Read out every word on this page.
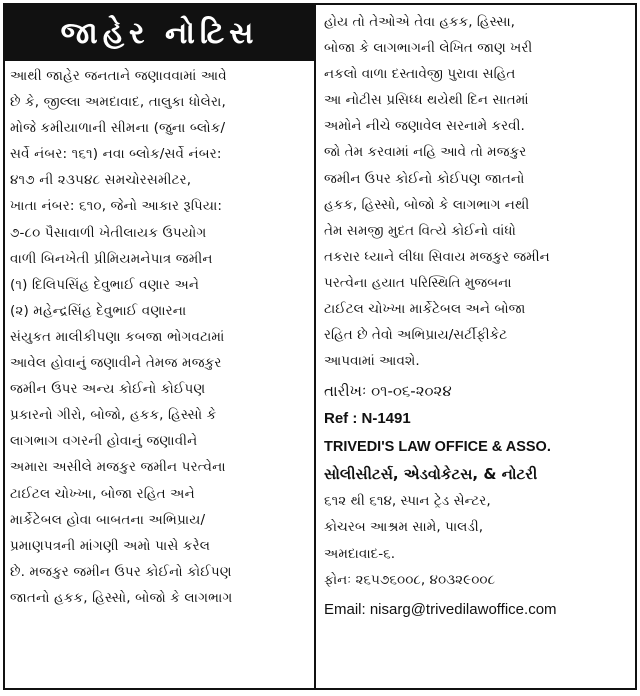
જાહેર નોટિસ
આથી જાહેર જનતાને જણાવવામાં આવે
છે કે, જીલ્લા અમદાવાદ, તાલુકા ધોલેરા,
મોજે કમીયાળાની સીમના (જુના બ્લોક/
સર્વે નંબર: ૧૬૧) નવા બ્લોક/સર્વે નંબર:
૪૧૭ ની ૨૩૫૪૮ સમચોરસમીટર,
ખાતા નંબર: ૬૧૦, જેનો આકાર રૂપિયા:
૭-૮૦ પૈસાવાળી ખેતીલાયક ઉપયોગ
વાળી બિનખેતી પ્રીમિયમનેપાત્ર જમીન
(૧) દિલિપસિંહ દેવુભાઈ વણાર અને
(૨) મહેન્દ્રસિંહ દેવુભાઈ વણારના
સંયુકત માલીકીપણા કબજા ભોગવટામાં
આવેલ હોવાનું જણાવીને તેમજ મજકુર
જમીન ઉપર અન્ય કોઈનો કોઈપણ
પ્રકારનો ગીરો, બોજો, હકક, હિસ્સો કે
લાગભાગ વગરની હોવાનું જણાવીને
અમારા અસીલે મજકુર જમીન પરત્વેના
ટાઈટલ ચોખ્ખા, બોજા રહિત અને
માર્કેટેબલ હોવા બાબતના અભિપ્રાય/
પ્રમાણપત્રની માંગણી અમો પાસે કરેલ
છે. મજકુર જમીન ઉપર કોઈનો કોઈપણ
જાતનો હકક, હિસ્સો, બોજો કે લાગભાગ
હોય તો તેઓએ તેવા હકક, હિસ્સા,
બોજા કે લાગભાગની લેખિત જાણ ખરી
નકલો વાળા દસ્તાવેજી પુરાવા સહિત
આ નોટીસ પ્રસિધ્ધ થયેથી દિન સાતમાં
અમોને નીચે જણાવેલ સરનામે કરવી.
જો તેમ કરવામાં નહિ આવે તો મજકુર
જમીન ઉપર કોઈનો કોઈપણ જાતનો
હકક, હિસ્સો, બોજો કે લાગભાગ નથી
તેમ સમજી મુદત વિત્યે કોઈનો વાંધો
તકરાર ધ્યાને લીધા સિવાય મજકુર જમીન
પરત્વેના હયાત પરિસ્થિતિ મુજબના
ટાઈટલ ચોખ્ખા માર્કેટેબલ અને બોજા
રહિત છે તેવો અભિપ્રાય/સર્ટીફીકેટ
આપવામાં આવશે.
તારીખઃ ૦૧-૦૬-૨૦૨૪
Ref : N-1491
TRIVEDI'S LAW OFFICE & ASSO.
સોલીસીટર્સ, એડવોકેટસ, & નોટરી
૬૧૨ થી ૬૧૪, સ્પાન ટ્રેડ સેન્ટર,
કોચરબ આશ્રમ સામે, પાલડી,
અમદાવાદ-૬.
ફોનઃ ૨૬૫૭૬૦૦૮, ૪૦૩૨૯૦૦૮
Email: nisarg@trivedilawoffice.com
